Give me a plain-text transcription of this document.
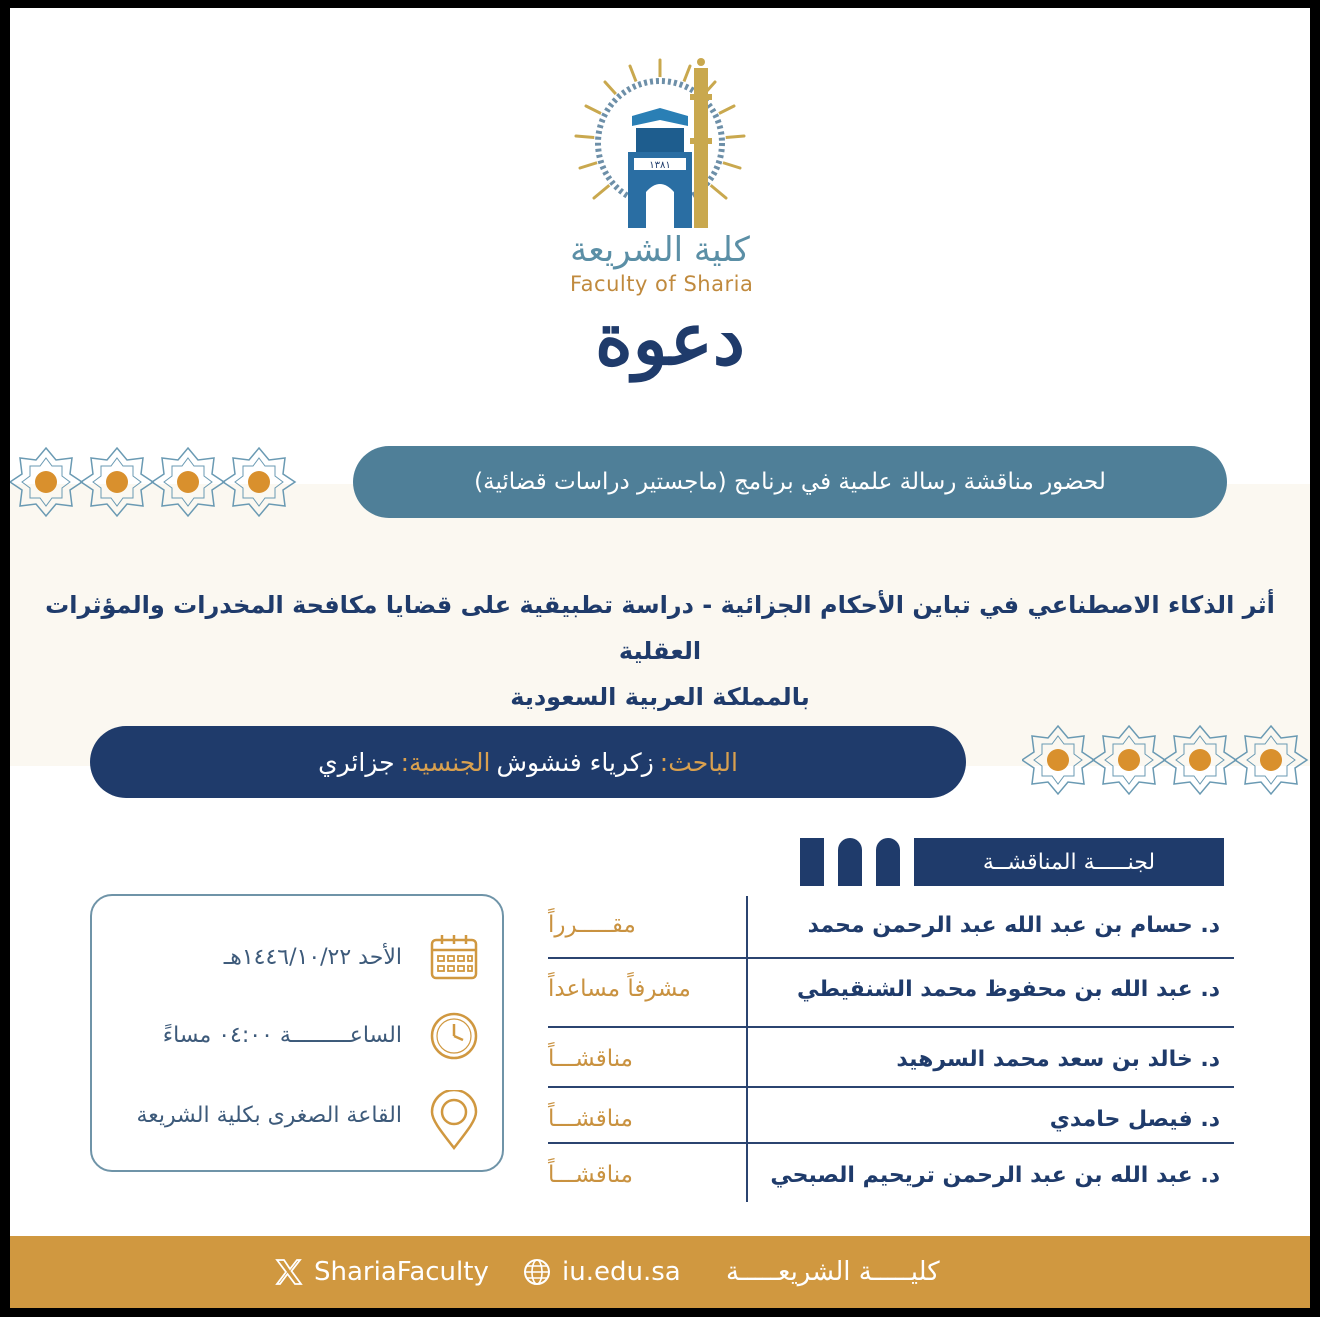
١٣٨١
كلية الشريعة
Faculty of Sharia
دعوة
لحضور مناقشة رسالة علمية في برنامج (ماجستير دراسات قضائية)
أثر الذكاء الاصطناعي في تباين الأحكام الجزائية - دراسة تطبيقية على قضايا مكافحة المخدرات والمؤثرات العقلية
بالمملكة العربية السعودية
الباحث:
زكرياء فنشوش
الجنسية:
جزائري
لجنـــــة المناقشــة
د. حسام بن عبد الله عبد الرحمن محمد
مقـــــرراً
د. عبد الله بن محفوظ محمد الشنقيطي
مشرفاً مساعداً
د. خالد بن سعد محمد السرهيد
مناقشـــاً
د. فيصل حامدي
مناقشـــاً
د. عبد الله بن عبد الرحمن تريحيم الصبحي
مناقشـــاً
الأحد ١٤٤٦/١٠/٢٢هـ
الساعـــــــــة ٠٤:٠٠ مساءً
القاعة الصغرى بكلية الشريعة
ShariaFaculty	iu.edu.sa كليـــــة الشريعـــــة
